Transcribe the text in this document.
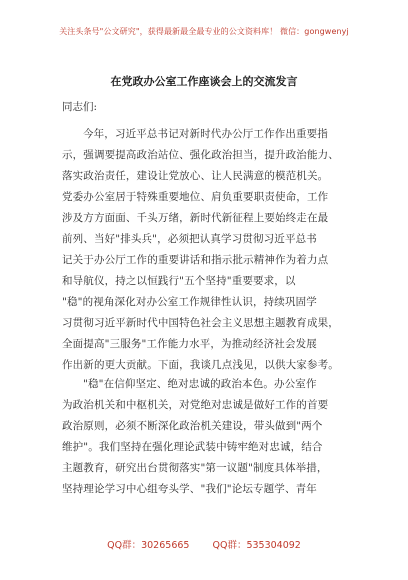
关注头条号"公文研究"，获得最新最全最专业的公文资料库！ 微信：gongwenyj
在党政办公室工作座谈会上的交流发言
同志们:
今年，习近平总书记对新时代办公厅工作作出重要指
示，强调要提高政治站位、强化政治担当，提升政治能力、
落实政治责任，建设让党放心、让人民满意的模范机关。
党委办公室居于特殊重要地位、肩负重要职责使命，工作
涉及方方面面、千头万绪，新时代新征程上要始终走在最
前列、当好"排头兵"，必须把认真学习贯彻习近平总书
记关于办公厅工作的重要讲话和指示批示精神作为着力点
和导航仪，持之以恒践行"五个坚持"重要要求，以
"稳"的视角深化对办公室工作规律性认识，持续巩固学
习贯彻习近平新时代中国特色社会主义思想主题教育成果，
全面提高"三服务"工作能力水平，为推动经济社会发展
作出新的更大贡献。下面，我谈几点浅见，以供大家参考。
"稳"在信仰坚定、绝对忠诚的政治本色。办公室作
为政治机关和中枢机关，对党绝对忠诚是做好工作的首要
政治原则，必须不断深化政治机关建设，带头做到"两个
维护"。我们坚持在强化理论武装中铸牢绝对忠诚，结合
主题教育，研究出台贯彻落实"第一议题"制度具体举措，
坚持理论学习中心组夸头学、"我们"论坛专题学、青年
QQ群：30265665 QQ群：535304092
